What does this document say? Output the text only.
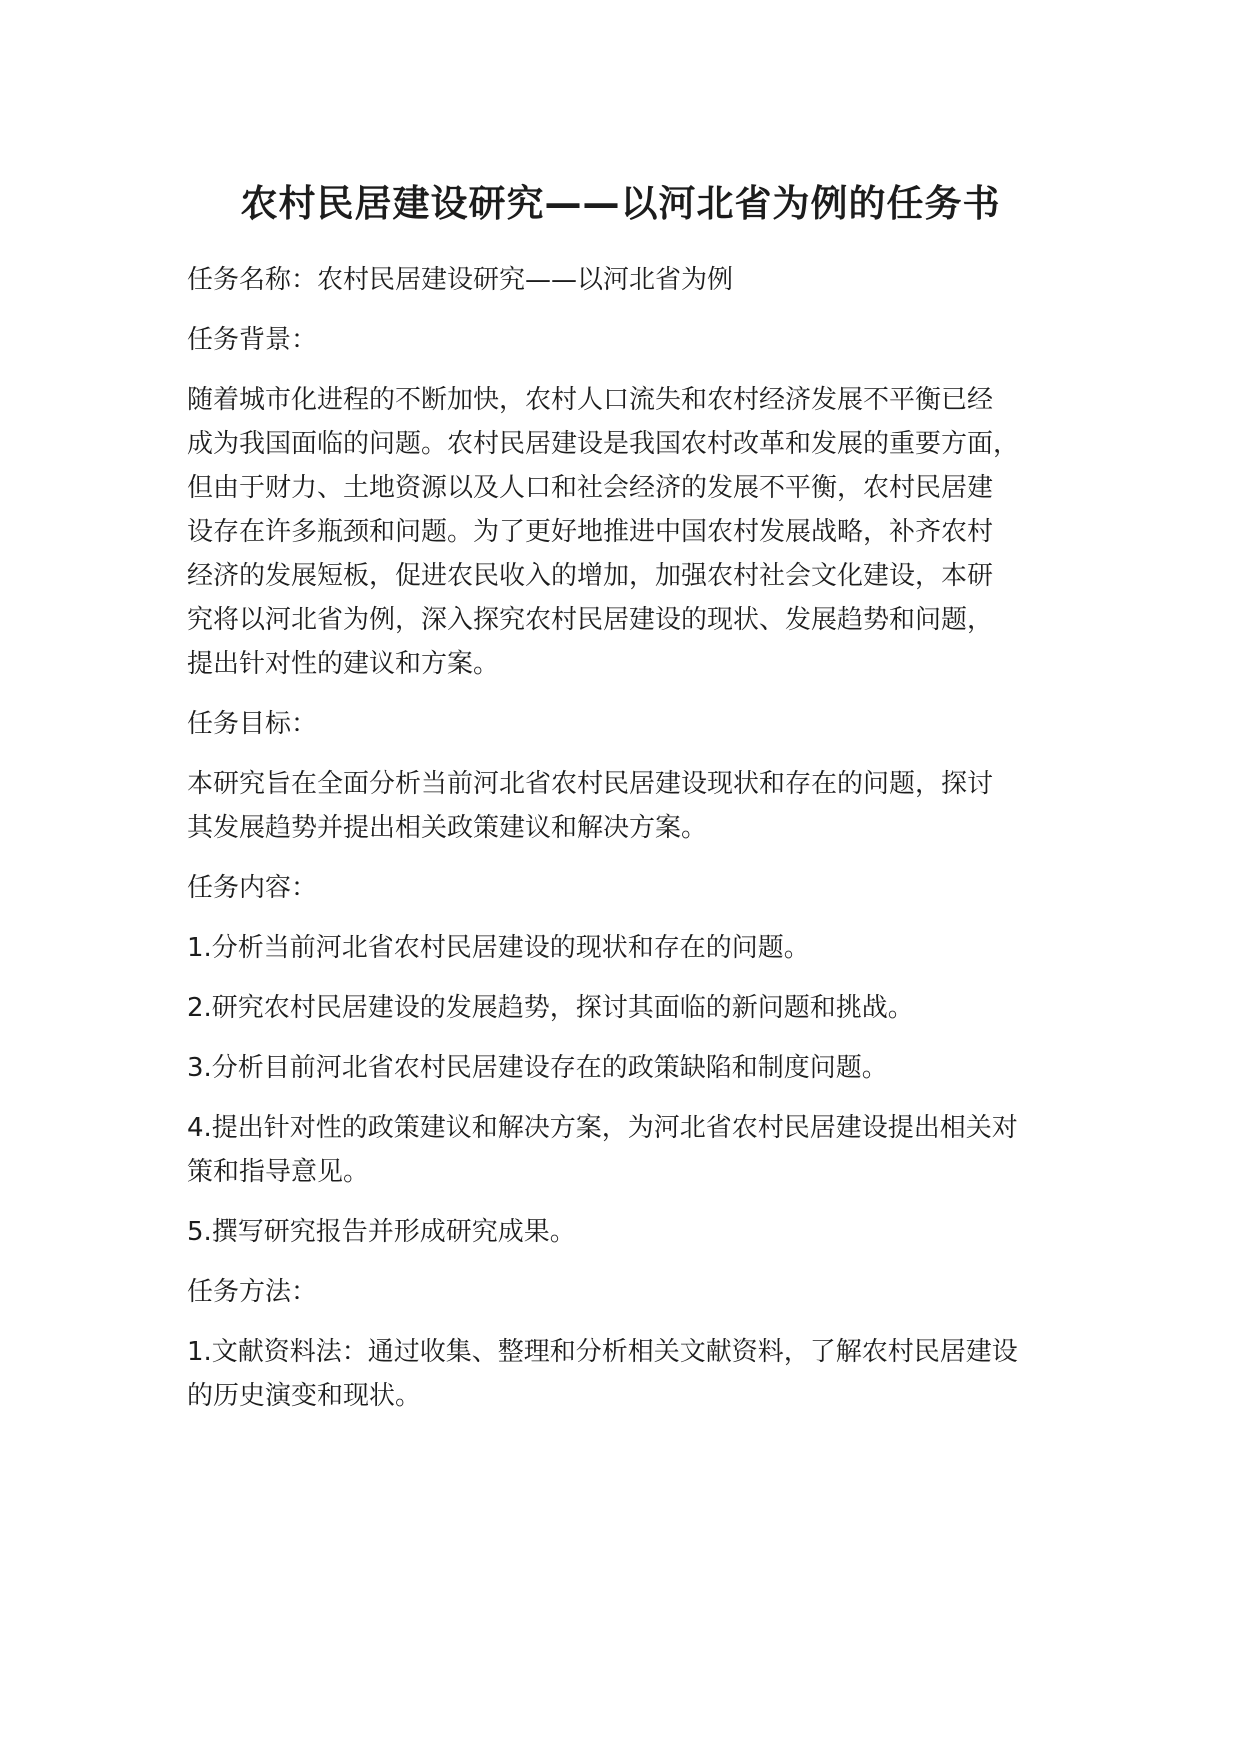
农村民居建设研究——以河北省为例的任务书
任务名称：农村民居建设研究——以河北省为例
任务背景：
随着城市化进程的不断加快，农村人口流失和农村经济发展不平衡已经
成为我国面临的问题。农村民居建设是我国农村改革和发展的重要方面，
但由于财力、土地资源以及人口和社会经济的发展不平衡，农村民居建
设存在许多瓶颈和问题。为了更好地推进中国农村发展战略，补齐农村
经济的发展短板，促进农民收入的增加，加强农村社会文化建设，本研
究将以河北省为例，深入探究农村民居建设的现状、发展趋势和问题，
提出针对性的建议和方案。
任务目标：
本研究旨在全面分析当前河北省农村民居建设现状和存在的问题，探讨
其发展趋势并提出相关政策建议和解决方案。
任务内容：
1.分析当前河北省农村民居建设的现状和存在的问题。
2.研究农村民居建设的发展趋势，探讨其面临的新问题和挑战。
3.分析目前河北省农村民居建设存在的政策缺陷和制度问题。
4.提出针对性的政策建议和解决方案，为河北省农村民居建设提出相关对
策和指导意见。
5.撰写研究报告并形成研究成果。
任务方法：
1.文献资料法：通过收集、整理和分析相关文献资料，了解农村民居建设
的历史演变和现状。
